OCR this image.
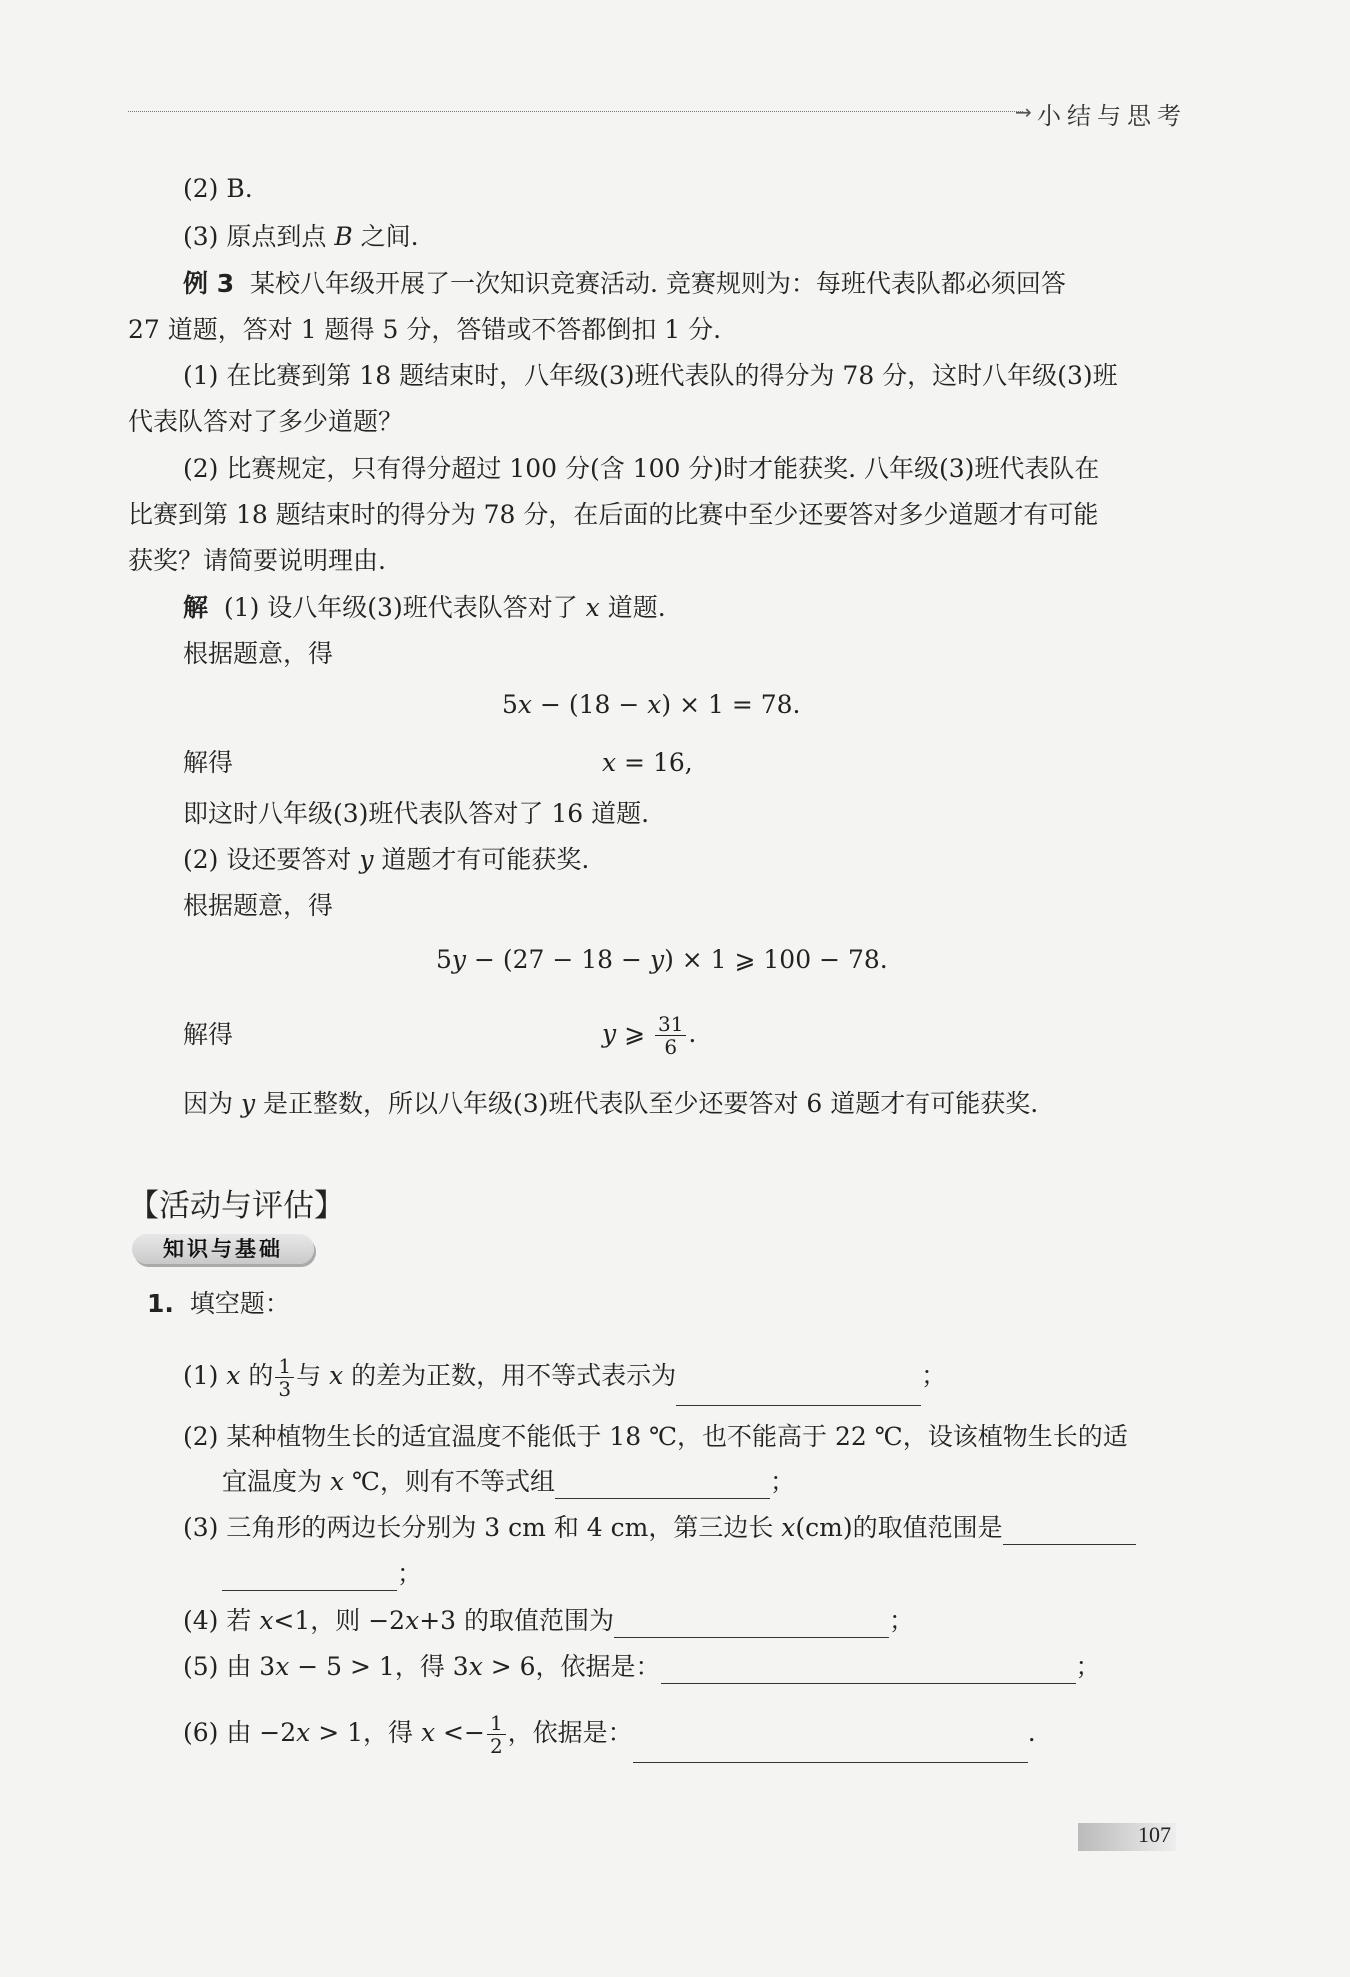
→ 小结与思考
(2) B.
(3) 原点到点 B 之间.
例 3 某校八年级开展了一次知识竞赛活动. 竞赛规则为：每班代表队都必须回答
27 道题，答对 1 题得 5 分，答错或不答都倒扣 1 分.
(1) 在比赛到第 18 题结束时，八年级(3)班代表队的得分为 78 分，这时八年级(3)班
代表队答对了多少道题？
(2) 比赛规定，只有得分超过 100 分(含 100 分)时才能获奖. 八年级(3)班代表队在
比赛到第 18 题结束时的得分为 78 分，在后面的比赛中至少还要答对多少道题才有可能
获奖？请简要说明理由.
解 (1) 设八年级(3)班代表队答对了 x 道题.
根据题意，得
5x − (18 − x) × 1 = 78.
解得	x = 16,
即这时八年级(3)班代表队答对了 16 道题.
(2) 设还要答对 y 道题才有可能获奖.
根据题意，得
5y − (27 − 18 − y) × 1 ⩾ 100 − 78.
解得	y ⩾ $\frac{31}{6}$ .
因为 y 是正整数，所以八年级(3)班代表队至少还要答对 6 道题才有可能获奖.
【活动与评估】
知识与基础
1. 填空题：
(1) x 的 $\frac{1}{3}$ 与 x 的差为正数，用不等式表示为	；
(2) 某种植物生长的适宜温度不能低于 18 ℃，也不能高于 22 ℃，设该植物生长的适
宜温度为 x ℃，则有不等式组	；
(3) 三角形的两边长分别为 3 cm 和 4 cm，第三边长 x(cm)的取值范围是
；
(4) 若 x<1，则 −2x+3 的取值范围为	；
(5) 由 3x − 5 > 1，得 3x > 6，依据是：	；
(6) 由 −2x > 1，得 $x <- \frac{1}{2}$ ，依据是：	.
107
